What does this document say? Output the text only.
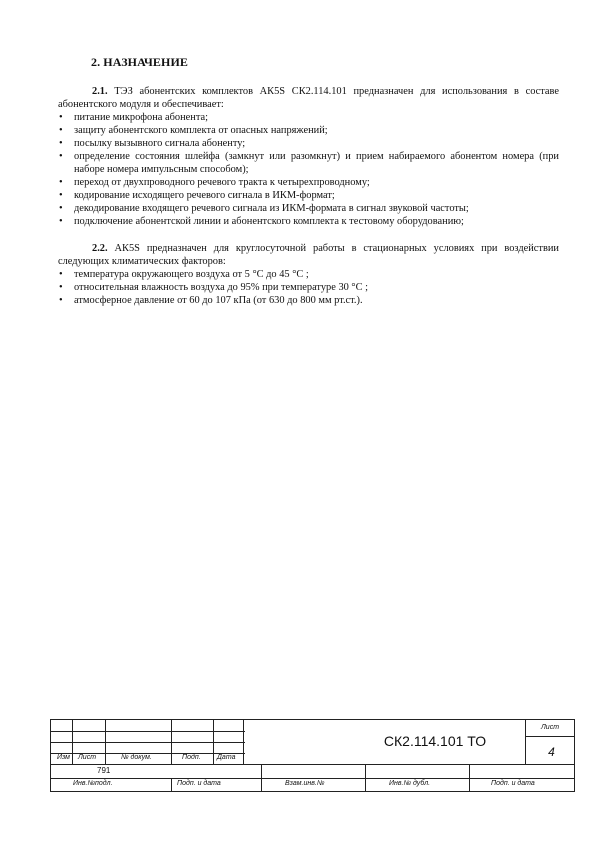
2. НАЗНАЧЕНИЕ

2.1. ТЭЗ абонентских комплектов АК5S СК2.114.101 предназначен для использования в составе абонентского модуля и обеспечивает:

• питание микрофона абонента;
• защиту абонентского комплекта от опасных напряжений;
• посылку вызывного сигнала абоненту;
• определение состояния шлейфа (замкнут или разомкнут) и прием набираемого абонентом номера (при наборе номера импульсным способом);
• переход от двухпроводного речевого тракта к четырехпроводному;
• кодирование исходящего речевого сигнала в ИКМ-формат;
• декодирование входящего речевого сигнала из ИКМ-формата в сигнал звуковой частоты;
• подключение абонентской линии и абонентского комплекта к тестовому оборудованию;

2.2. АК5S предназначен для круглосуточной работы в стационарных условиях при воздействии следующих климатических факторов:

• температура окружающего воздуха от 5 °С до 45 °С ;
• относительная влажность воздуха до 95% при температуре 30 °С ;
• атмосферное давление от 60 до 107 кПа (от 630 до 800 мм рт.ст.).
Изм Лист	№ докум.	Подп. Дата
СК2.114.101 ТО
Лист
4
791
Инв.№подл.	Подп. и дата	Взам.инв.№	Инв.№ дубл.	Подп. и дата
